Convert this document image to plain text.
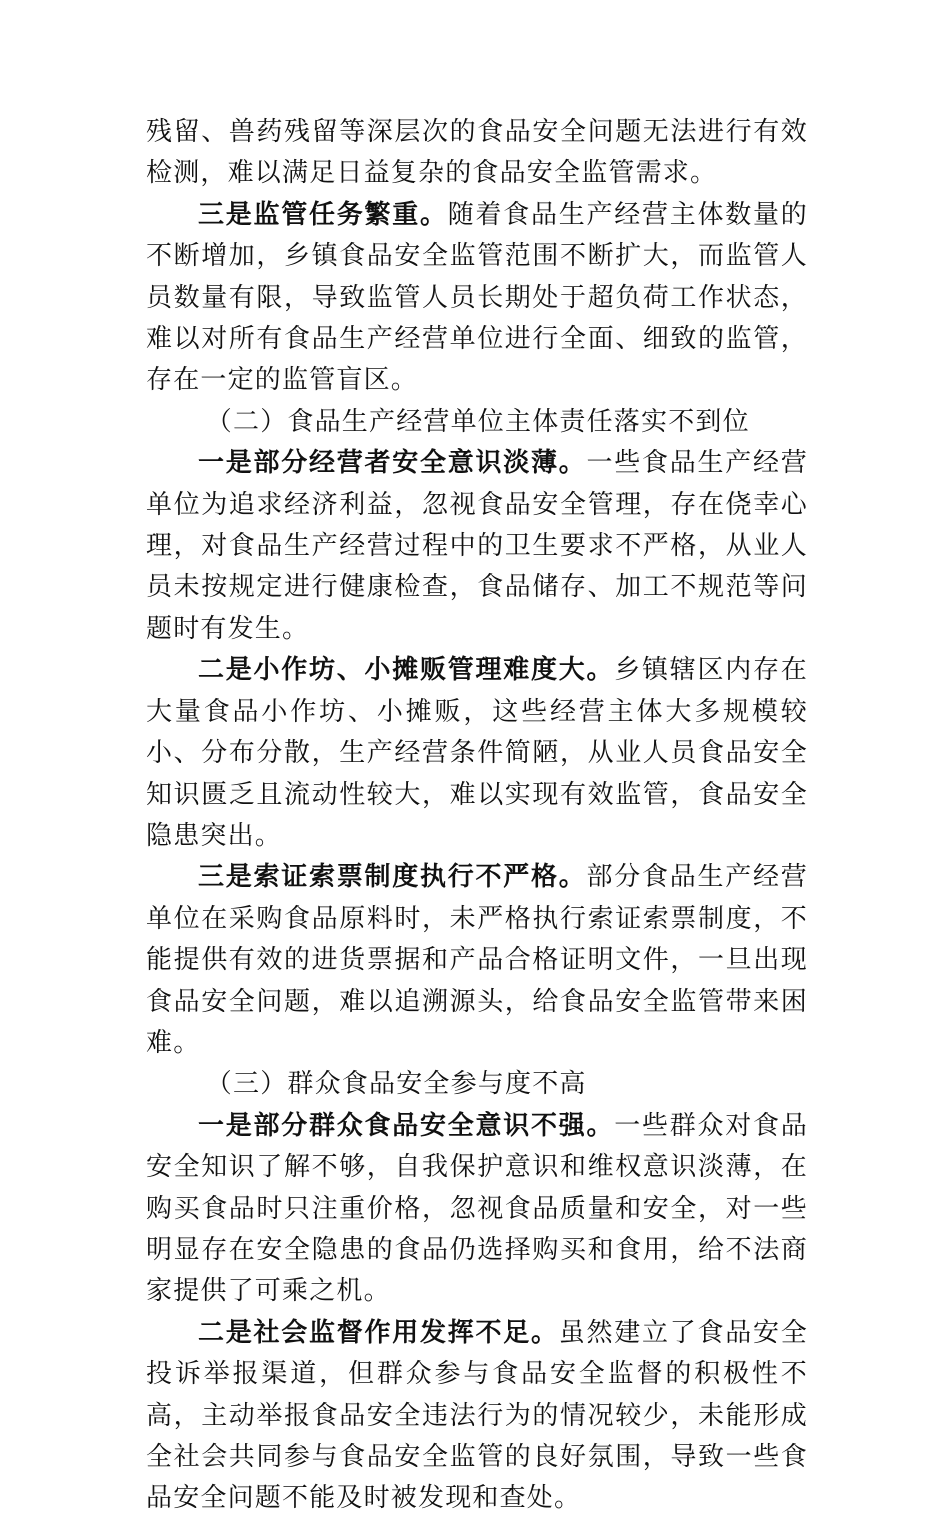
残留、兽药残留等深层次的食品安全问题无法进行有效检测，难以满足日益复杂的食品安全监管需求。

三是监管任务繁重。随着食品生产经营主体数量的不断增加，乡镇食品安全监管范围不断扩大，而监管人员数量有限，导致监管人员长期处于超负荷工作状态，难以对所有食品生产经营单位进行全面、细致的监管，存在一定的监管盲区。

（二）食品生产经营单位主体责任落实不到位

一是部分经营者安全意识淡薄。一些食品生产经营单位为追求经济利益，忽视食品安全管理，存在侥幸心理，对食品生产经营过程中的卫生要求不严格，从业人员未按规定进行健康检查，食品储存、加工不规范等问题时有发生。

二是小作坊、小摊贩管理难度大。乡镇辖区内存在大量食品小作坊、小摊贩，这些经营主体大多规模较小、分布分散，生产经营条件简陋，从业人员食品安全知识匮乏且流动性较大，难以实现有效监管，食品安全隐患突出。

三是索证索票制度执行不严格。部分食品生产经营单位在采购食品原料时，未严格执行索证索票制度，不能提供有效的进货票据和产品合格证明文件，一旦出现食品安全问题，难以追溯源头，给食品安全监管带来困难。

（三）群众食品安全参与度不高

一是部分群众食品安全意识不强。一些群众对食品安全知识了解不够，自我保护意识和维权意识淡薄，在购买食品时只注重价格，忽视食品质量和安全，对一些明显存在安全隐患的食品仍选择购买和食用，给不法商家提供了可乘之机。

二是社会监督作用发挥不足。虽然建立了食品安全投诉举报渠道，但群众参与食品安全监督的积极性不高，主动举报食品安全违法行为的情况较少，未能形成全社会共同参与食品安全监管的良好氛围，导致一些食品安全问题不能及时被发现和查处。
